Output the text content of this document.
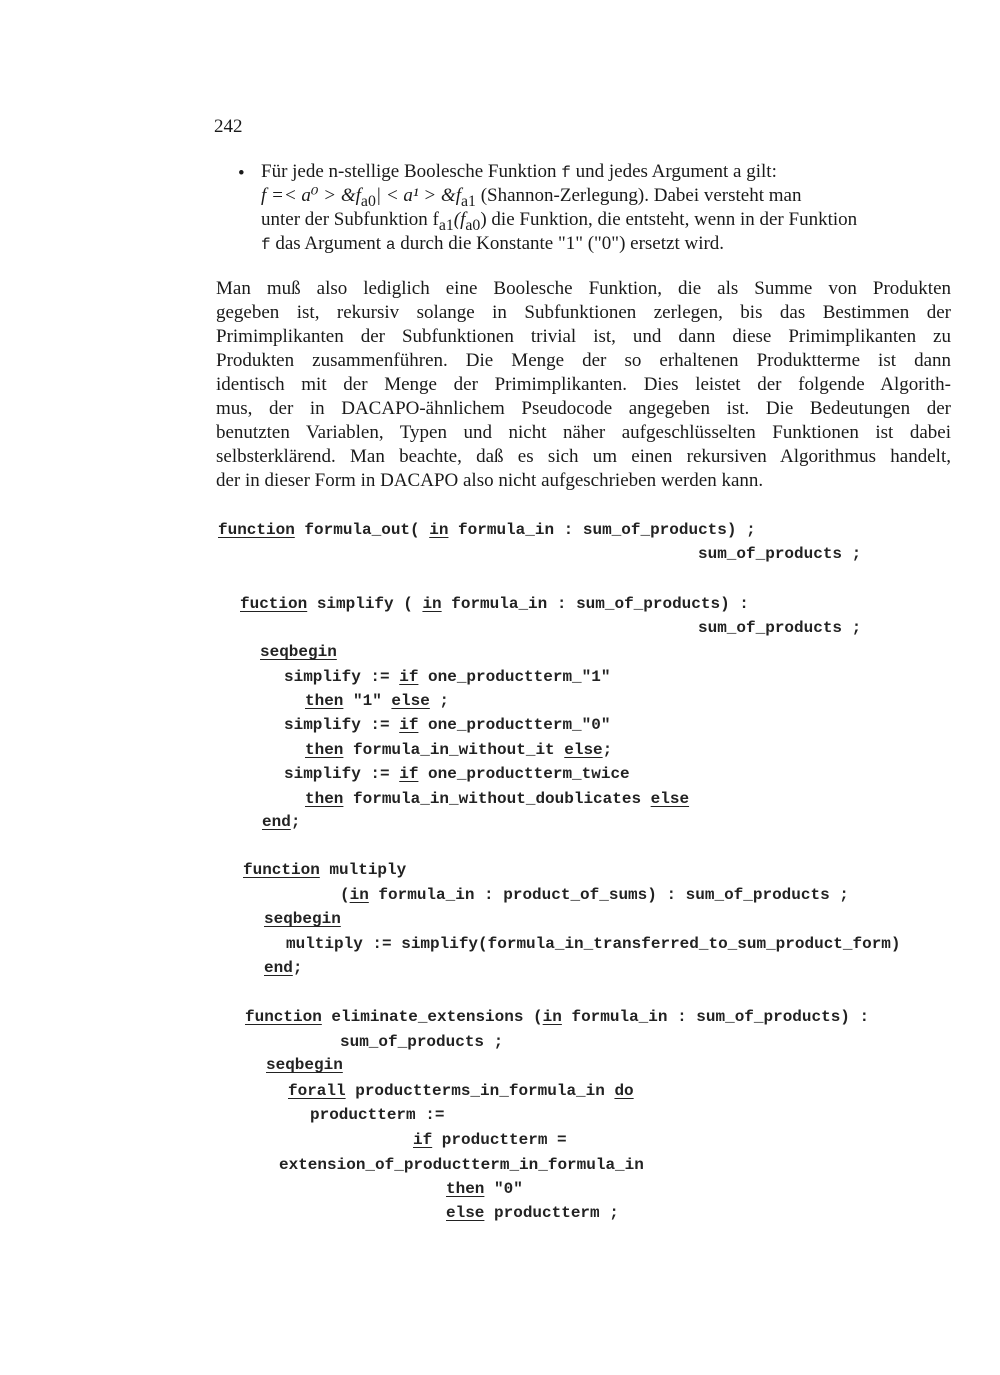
242
• Für jede n-stellige Boolesche Funktion f und jedes Argument a gilt:
$f =< a^0 > \&f_{a0}| < a^1$ > $\&f_{a1}$ (Shannon-Zerlegung). Dabei versteht man
unter der Subfunktion $f_{a1}(f_{a0})$ die Funktion, die entsteht, wenn in der Funktion
f das Argument a durch die Konstante "1" ("0") ersetzt wird.
Man muß also lediglich eine Boolesche Funktion, die als Summe von Produkten
gegeben ist, rekursiv solange in Subfunktionen zerlegen, bis das Bestimmen der
Primimplikanten der Subfunktionen trivial ist, und dann diese Primimplikanten zu
Produkten zusammenführen. Die Menge der so erhaltenen Produktterme ist dann
identisch mit der Menge der Primimplikanten. Dies leistet der folgende Algorith-
mus, der in DACAPO-ähnlichem Pseudocode angegeben ist. Die Bedeutungen der
benutzten Variablen, Typen und nicht näher aufgeschlüsselten Funktionen ist dabei
selbsterklärend. Man beachte, daß es sich um einen rekursiven Algorithmus handelt,
der in dieser Form in DACAPO also nicht aufgeschrieben werden kann.
function formula_out( in formula_in : sum_of_products) ;
sum_of_products ;
fuction simplify ( in formula_in : sum_of_products) :
sum_of_products ;
seqbegin
simplify := if one_productterm_"1"
then "1" else ;
simplify := if one_productterm_"0"
then formula_in_without_it else;
simplify := if one_productterm_twice
then formula_in_without_doublicates else
end;
function multiply
(in formula_in : product_of_sums) : sum_of_products ;
seqbegin
multiply := simplify(formula_in_transferred_to_sum_product_form)
end;
function eliminate_extensions (in formula_in : sum_of_products) :
sum_of_products ;
seqbegin
forall productterms_in_formula_in do
productterm :=
if productterm =
extension_of_productterm_in_formula_in
then "0"
else productterm ;
